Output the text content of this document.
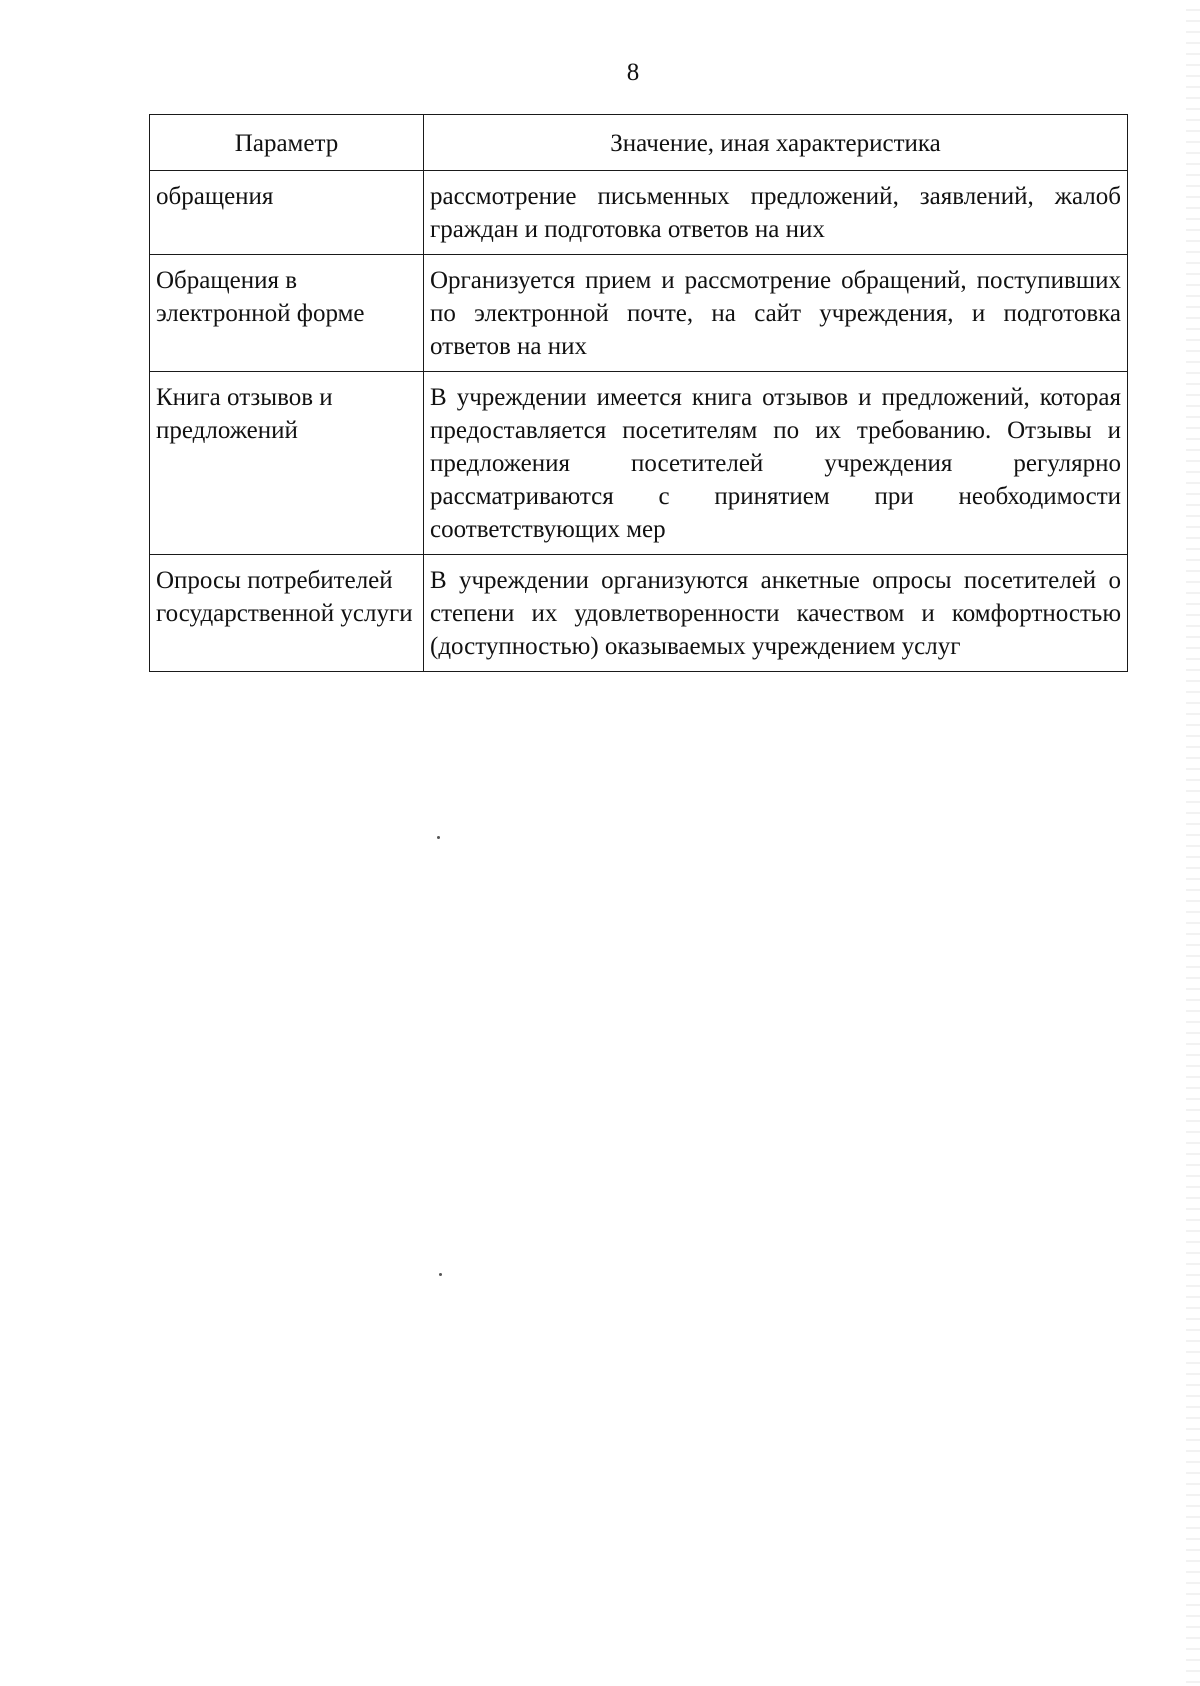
8
Параметр	Значение, иная характеристика
обращения	рассмотрение письменных предложений, заявлений, жалоб граждан и подготовка ответов на них
Обращения в электронной форме	Организуется прием и рассмотрение обращений, поступивших по электронной почте, на сайт учреждения, и подготовка ответов на них
Книга отзывов и предложений	В учреждении имеется книга отзывов и предложений, которая предоставляется посетителям по их требованию. Отзывы и предложения посетителей учреждения регулярно рассматриваются с принятием при необходимости соответствующих мер
Опросы потребителей государственной услуги	В учреждении организуются анкетные опросы посетителей о степени их удовлетворенности качеством и комфортностью (доступностью) оказываемых учреждением услуг
